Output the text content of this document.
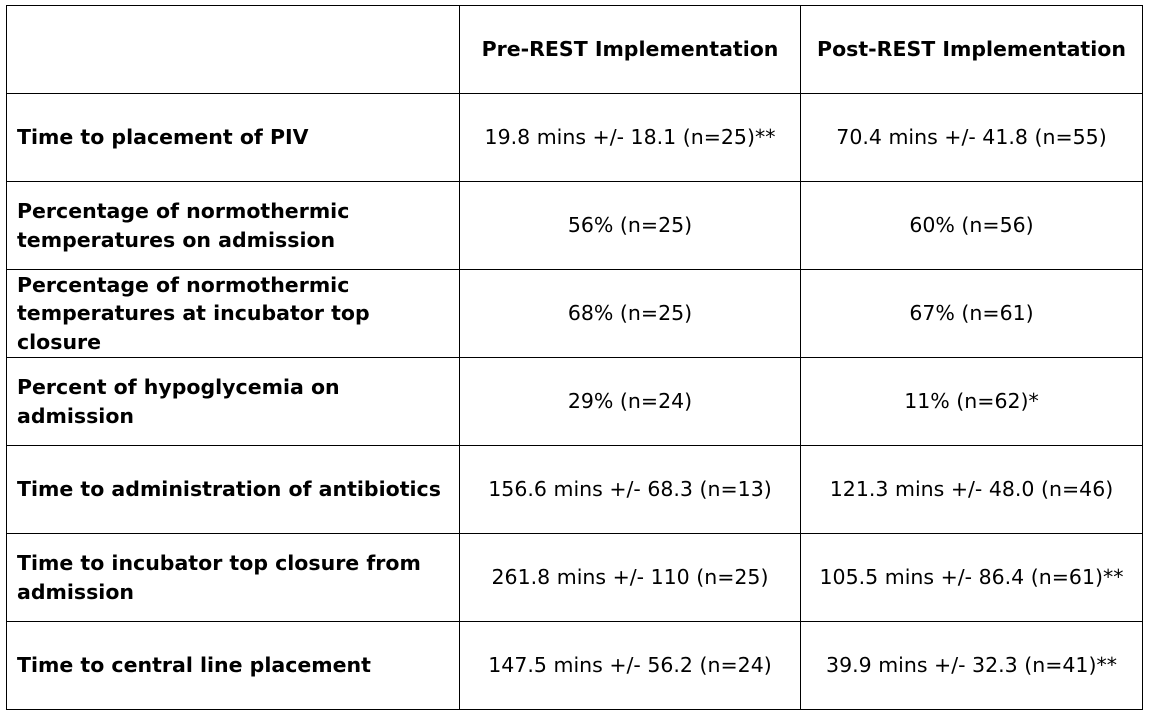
	Pre-REST Implementation	Post-REST Implementation
Time to placement of PIV	19.8 mins +/- 18.1 (n=25)**	70.4 mins +/- 41.8 (n=55)
Percentage of normothermic temperatures on admission	56% (n=25)	60% (n=56)
Percentage of normothermic temperatures at incubator top closure	68% (n=25)	67% (n=61)
Percent of hypoglycemia on admission	29% (n=24)	11% (n=62)*
Time to administration of antibiotics	156.6 mins +/- 68.3 (n=13)	121.3 mins +/- 48.0 (n=46)
Time to incubator top closure from admission	261.8 mins +/- 110 (n=25)	105.5 mins +/- 86.4 (n=61)**
Time to central line placement	147.5 mins +/- 56.2 (n=24)	39.9 mins +/- 32.3 (n=41)**
